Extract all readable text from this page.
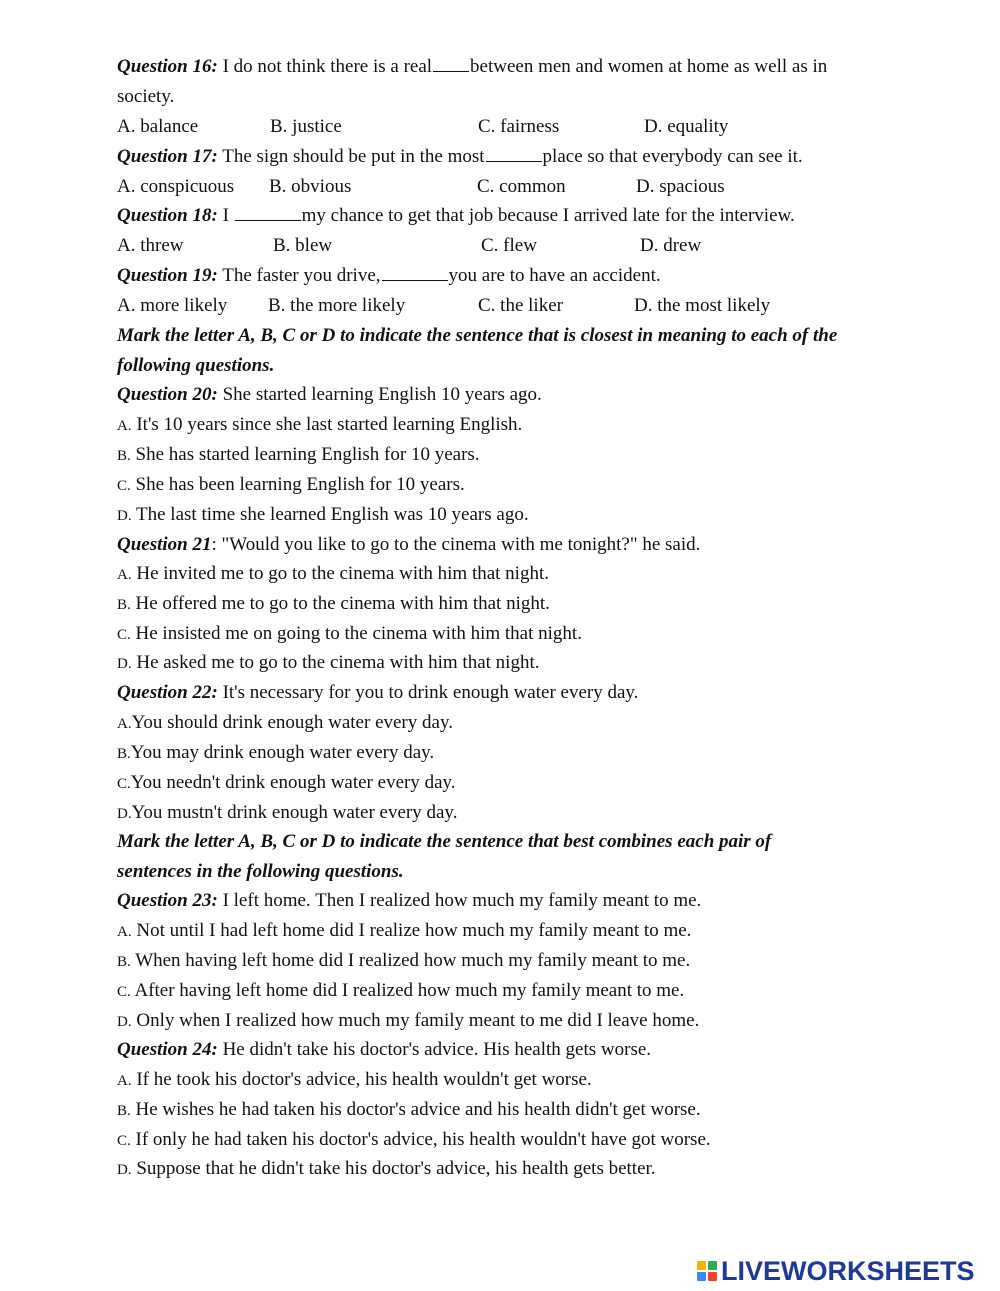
Question 16: I do not think there is a real between men and women at home as well as in
society.
A. balance	B. justice	C. fairness	D. equality
Question 17: The sign should be put in the most	place so that everybody can see it.
A. conspicuous B. obvious	C. common	D. spacious
Question 18: I	my chance to get that job because I arrived late for the interview.
A. threw	B. blew	C. flew	D. drew
Question 19: The faster you drive,	you are to have an accident.
A. more likely B. the more likely	C. the liker	D. the most likely
Mark the letter A, B, C or D to indicate the sentence that is closest in meaning to each of the
following questions.
Question 20: She started learning English 10 years ago.
A. It's 10 years since she last started learning English.
B. She has started learning English for 10 years.
C. She has been learning English for 10 years.
D. The last time she learned English was 10 years ago.
Question 21: "Would you like to go to the cinema with me tonight?" he said.
A. He invited me to go to the cinema with him that night.
B. He offered me to go to the cinema with him that night.
C. He insisted me on going to the cinema with him that night.
D. He asked me to go to the cinema with him that night.
Question 22: It's necessary for you to drink enough water every day.
A.You should drink enough water every day.
B.You may drink enough water every day.
C.You needn't drink enough water every day.
D.You mustn't drink enough water every day.
Mark the letter A, B, C or D to indicate the sentence that best combines each pair of
sentences in the following questions.
Question 23: I left home. Then I realized how much my family meant to me.
A. Not until I had left home did I realize how much my family meant to me.
B. When having left home did I realized how much my family meant to me.
C. After having left home did I realized how much my family meant to me.
D. Only when I realized how much my family meant to me did I leave home.
Question 24: He didn't take his doctor's advice. His health gets worse.
A. If he took his doctor's advice, his health wouldn't get worse.
B. He wishes he had taken his doctor's advice and his health didn't get worse.
C. If only he had taken his doctor's advice, his health wouldn't have got worse.
D. Suppose that he didn't take his doctor's advice, his health gets better.
LIVEWORKSHEETS
